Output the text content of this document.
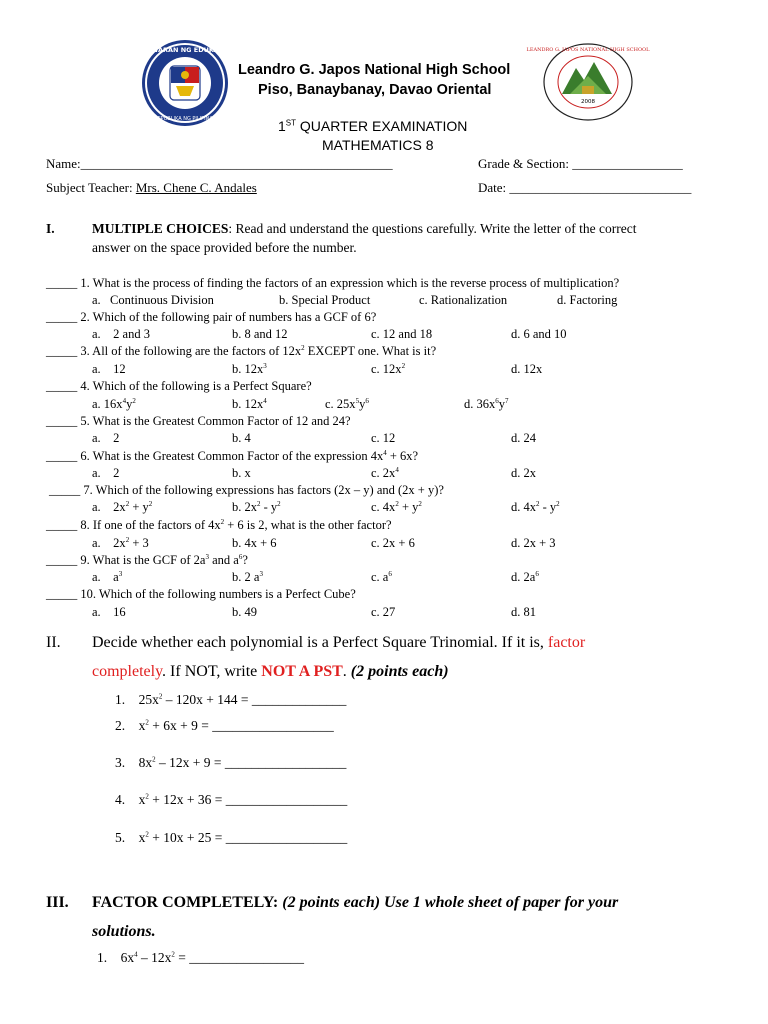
KAGAWARAN NG EDUKASYON
REPUBLIKA NG PILIPINAS
2008
LEANDRO G. JAPOS NATIONAL HIGH SCHOOL
Leandro G. Japos National High School
Piso, Banaybanay, Davao Oriental
1ST QUARTER EXAMINATION
MATHEMATICS 8
Name:________________________________________________	Grade & Section: _________________
Subject Teacher: Mrs. Chene C. Andales	Date: ____________________________
I.	MULTIPLE CHOICES: Read and understand the questions carefully. Write the letter of the correct
answer on the space provided before the number.
_____ 1. What is the process of finding the factors of an expression which is the reverse process of multiplication?
a.   Continuous Division	b. Special Product	c. Rationalization	d. Factoring
_____ 2. Which of the following pair of numbers has a GCF of 6?
a.    2 and 3	b. 8 and 12	c. 12 and 18	d. 6 and 10
_____ 3. All of the following are the factors of $12x^2$ EXCEPT one. What is it?
a.    12	b. $12x^3$	c. $12x^2$	d. 12x
_____ 4. Which of the following is a Perfect Square?
a. $16x^4y^2$	b. $12x^4$	c. $25x^5y^6$	d. $36x^6y^7$
_____ 5. What is the Greatest Common Factor of 12 and 24?
a.    2	b. 4	c. 12	d. 24
_____ 6. What is the Greatest Common Factor of the expression $4x^4 + 6x$?
a.    2	b. x	c. $2x^4$	d. 2x
_____ 7. Which of the following expressions has factors (2x – y) and (2x + y)?
a.    $2x^2 + y^2$	b. $2x^2 - y^2$	c. $4x^2 + y^2$	d. $4x^2 - y^2$
_____ 8. If one of the factors of $4x^2 + 6$ is 2, what is the other factor?
a.    $2x^2 + 3$	b. 4x + 6	c. 2x + 6	d. 2x + 3
_____ 9. What is the GCF of $2a^3$ and $a^6$?
a.    $a^3$	b. 2 $a^3$	c. $a^6$	d. $2a^6$
_____ 10. Which of the following numbers is a Perfect Cube?
a.    16	b. 49	c. 27	d. 81
II. Decide whether each polynomial is a Perfect Square Trinomial. If it is, factor
completely. If NOT, write NOT A PST. (2 points each)
1.    $25x^2 - 120x + 144$ = ______________
2.    $x^2 + 6x + 9$ = __________________
3.    $8x^2 - 12x + 9$ = __________________
4.    $x^2 + 12x + 36$ = __________________
5.    $x^2 + 10x + 25$ = __________________
III. FACTOR COMPLETELY: (2 points each) Use 1 whole sheet of paper for your
solutions.
1.    $6x^4 - 12x^2$ = _________________
